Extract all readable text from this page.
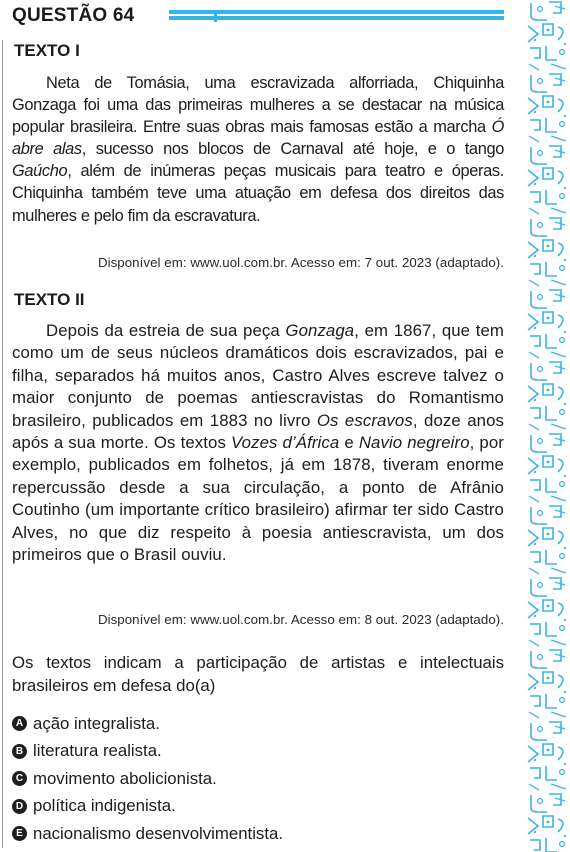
QUESTÃO 64
TEXTO I

Neta de Tomásia, uma escravizada alforriada, Chiquinha Gonzaga foi uma das primeiras mulheres a se destacar na música popular brasileira. Entre suas obras mais famosas estão a marcha Ó abre alas, sucesso nos blocos de Carnaval até hoje, e o tango Gaúcho, além de inúmeras peças musicais para teatro e óperas. Chiquinha também teve uma atuação em defesa dos direitos das mulheres e pelo fim da escravatura.

Disponível em: www.uol.com.br. Acesso em: 7 out. 2023 (adaptado).
TEXTO II

Depois da estreia de sua peça Gonzaga, em 1867, que tem como um de seus núcleos dramáticos dois escravizados, pai e filha, separados há muitos anos, Castro Alves escreve talvez o maior conjunto de poemas antiescravistas do Romantismo brasileiro, publicados em 1883 no livro Os escravos, doze anos após a sua morte. Os textos Vozes d’África e Navio negreiro, por exemplo, publicados em folhetos, já em 1878, tiveram enorme repercussão desde a sua circulação, a ponto de Afrânio Coutinho (um importante crítico brasileiro) afirmar ter sido Castro Alves, no que diz respeito à poesia antiescravista, um dos primeiros que o Brasil ouviu.

Disponível em: www.uol.com.br. Acesso em: 8 out. 2023 (adaptado).

Os textos indicam a participação de artistas e intelectuais brasileiros em defesa do(a)

A ação integralista.
B literatura realista.
C movimento abolicionista.
D política indigenista.
E nacionalismo desenvolvimentista.
